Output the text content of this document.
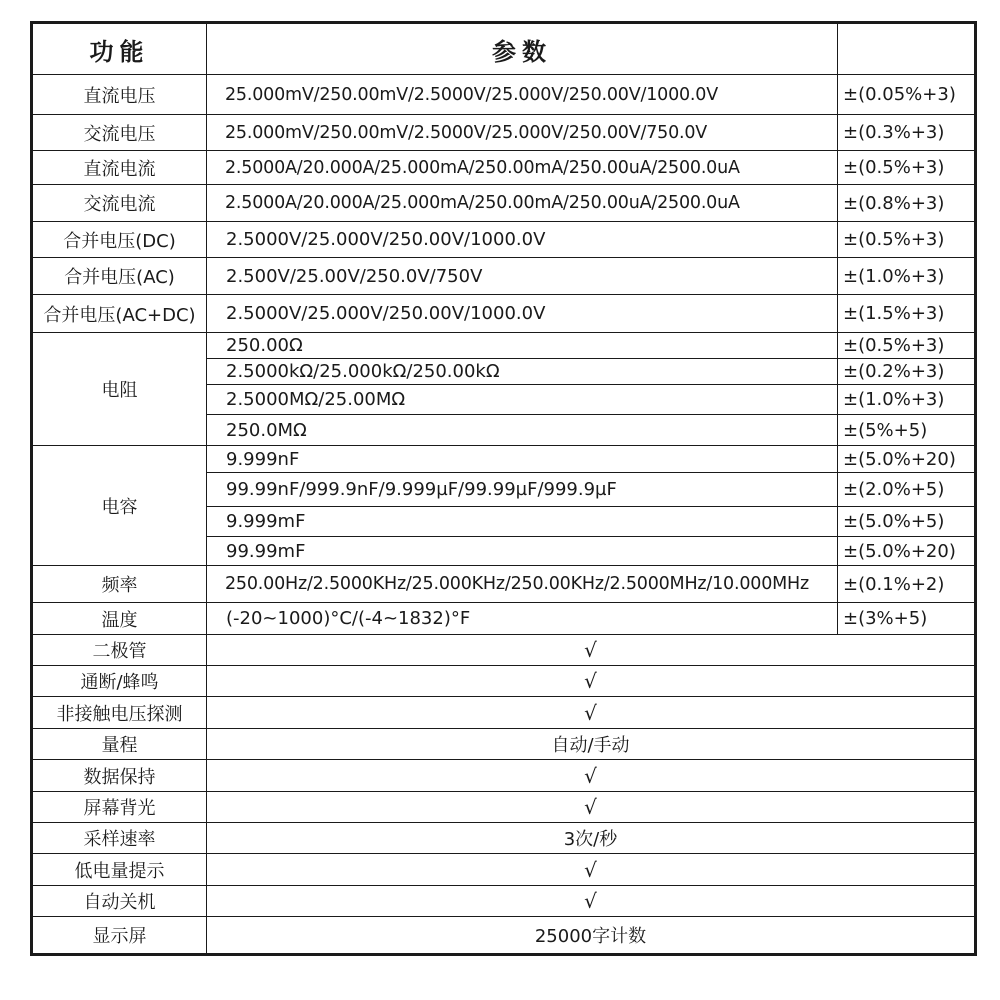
功能	参数	
直流电压	25.000mV/250.00mV/2.5000V/25.000V/250.00V/1000.0V	±(0.05%+3)
交流电压	25.000mV/250.00mV/2.5000V/25.000V/250.00V/750.0V	±(0.3%+3)
直流电流	2.5000A/20.000A/25.000mA/250.00mA/250.00uA/2500.0uA	±(0.5%+3)
交流电流	2.5000A/20.000A/25.000mA/250.00mA/250.00uA/2500.0uA	±(0.8%+3)
合并电压(DC)	2.5000V/25.000V/250.00V/1000.0V	±(0.5%+3)
合并电压(AC)	2.500V/25.00V/250.0V/750V	±(1.0%+3)
合并电压(AC+DC)	2.5000V/25.000V/250.00V/1000.0V	±(1.5%+3)
电阻	250.00Ω	±(0.5%+3)
	2.5000kΩ/25.000kΩ/250.00kΩ	±(0.2%+3)
	2.5000MΩ/25.00MΩ	±(1.0%+3)
	250.0MΩ	±(5%+5)
电容	9.999nF	±(5.0%+20)
	99.99nF/999.9nF/9.999µF/99.99µF/999.9µF	±(2.0%+5)
	9.999mF	±(5.0%+5)
	99.99mF	±(5.0%+20)
频率	250.00Hz/2.5000KHz/25.000KHz/250.00KHz/2.5000MHz/10.000MHz	±(0.1%+2)
温度	(-20~1000)°C/(-4~1832)°F	±(3%+5)
二极管	√	
通断/蜂鸣	√	
非接触电压探测	√	
量程	自动/手动	
数据保持	√	
屏幕背光	√	
采样速率	3次/秒	
低电量提示	√	
自动关机	√	
显示屏	25000字计数	
